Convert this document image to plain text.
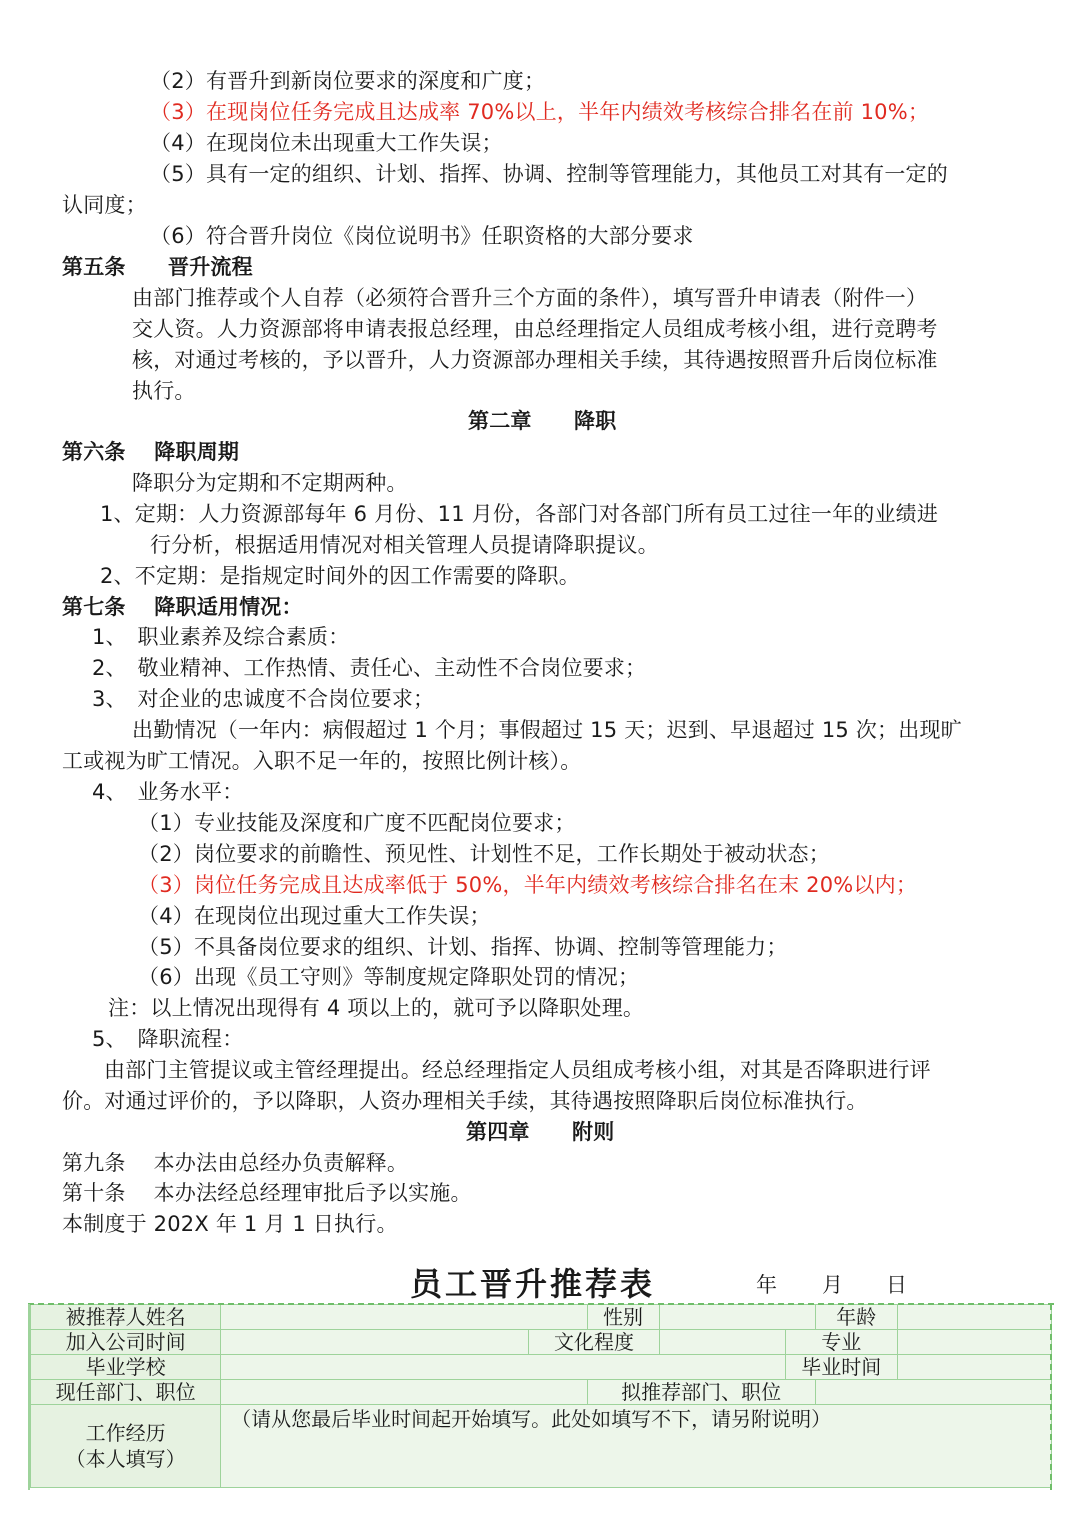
（2）有晋升到新岗位要求的深度和广度；
（3）在现岗位任务完成且达成率 70%以上，半年内绩效考核综合排名在前 10%；
（4）在现岗位未出现重大工作失误；
（5）具有一定的组织、计划、指挥、协调、控制等管理能力，其他员工对其有一定的
认同度；
（6）符合晋升岗位《岗位说明书》任职资格的大部分要求
第五条　　晋升流程
由部门推荐或个人自荐（必须符合晋升三个方面的条件），填写晋升申请表（附件一）
交人资。人力资源部将申请表报总经理，由总经理指定人员组成考核小组，进行竞聘考
核，对通过考核的，予以晋升，人力资源部办理相关手续，其待遇按照晋升后岗位标准
执行。
第二章　　降职
第六条　 降职周期
降职分为定期和不定期两种。
1、定期：人力资源部每年 6 月份、11 月份，各部门对各部门所有员工过往一年的业绩进
行分析，根据适用情况对相关管理人员提请降职提议。
2、不定期：是指规定时间外的因工作需要的降职。
第七条　 降职适用情况：
1、　职业素养及综合素质：
2、　敬业精神、工作热情、责任心、主动性不合岗位要求；
3、　对企业的忠诚度不合岗位要求；
出勤情况（一年内：病假超过 1 个月；事假超过 15 天；迟到、早退超过 15 次；出现旷
工或视为旷工情况。入职不足一年的，按照比例计核）。
4、　业务水平：
（1）专业技能及深度和广度不匹配岗位要求；
（2）岗位要求的前瞻性、预见性、计划性不足，工作长期处于被动状态；
（3）岗位任务完成且达成率低于 50%，半年内绩效考核综合排名在末 20%以内；
（4）在现岗位出现过重大工作失误；
（5）不具备岗位要求的组织、计划、指挥、协调、控制等管理能力；
（6）出现《员工守则》等制度规定降职处罚的情况；
注：以上情况出现得有 4 项以上的，就可予以降职处理。
5、　降职流程：
由部门主管提议或主管经理提出。经总经理指定人员组成考核小组，对其是否降职进行评
价。对通过评价的，予以降职，人资办理相关手续，其待遇按照降职后岗位标准执行。
第四章　　附则
第九条　 本办法由总经办负责解释。
第十条　 本办法经总经理审批后予以实施。
本制度于 202X 年 1 月 1 日执行。
员工晋升推荐表	年 月 日
被推荐人姓名			性别			年龄	
加入公司时间		文化程度			专业		
毕业学校					毕业时间		
现任部门、职位			拟推荐部门、职位				

工作经历
（本人填写）	（请从您最后毕业时间起开始填写。此处如填写不下，请另附说明）						
